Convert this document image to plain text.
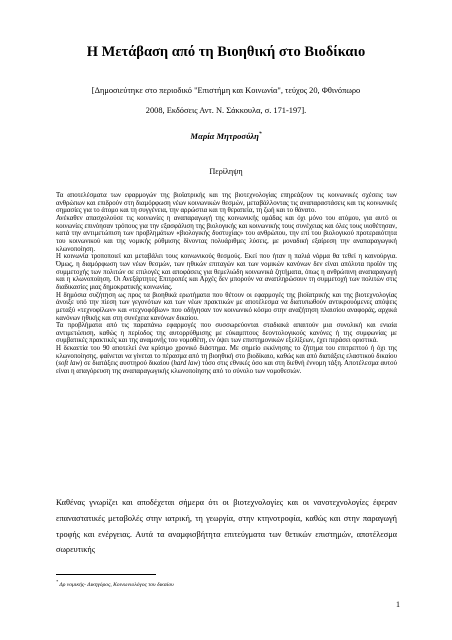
Η Μετάβαση από τη Βιοηθική στο Βιοδίκαιο

[Δημοσιεύτηκε στο περιοδικό "Επιστήμη και Κοινωνία", τεύχος 20, Φθινόπωρο

2008, Εκδόσεις Αντ. Ν. Σάκκουλα, σ. 171-197].

Μαρία Μητροσύλη*

Περίληψη

Τα αποτελέσματα των εφαρμογών της βιοϊατρικής και της βιοτεχνολογίας επηρεάζουν τις κοινωνικές σχέσεις των ανθρώπων και επιδρούν στη διαμόρφωση νέων κοινωνικών θεσμών, μεταβάλλοντας τις αναπαραστάσεις και τις κοινωνικές σημασίες για το άτομο και τη συγγένεια, την αρρώστια και τη θεραπεία, τη ζωή και το θάνατο.

Ανέκαθεν απασχολούσε τις κοινωνίες η αναπαραγωγή της κοινωνικής ομάδας και όχι μόνο του ατόμου, για αυτό οι κοινωνίες επινόησαν τρόπους για την εξασφάλιση της βιολογικής και κοινωνικής τους συνέχειας και όλες τους υιοθέτησαν, κατά την αντιμετώπιση των προβλημάτων «βιολογικής δυστυχίας» του ανθρώπου, την επί του βιολογικού προτεραιότητα του κοινωνικού και της νομικής ρύθμισης δίνοντας πολυάριθμες λύσεις, με μοναδική εξαίρεση την αναπαραγωγική κλωνοποίηση.

Η κοινωνία τροποποιεί και μεταβάλει τους κοινωνικούς θεσμούς. Εκεί που ήταν η παλιά νόρμα θα τεθεί η καινούργια. Όμως, η διαμόρφωση των νέων θεσμών, των ηθικών επιταγών και των νομικών κανόνων δεν είναι απόλυτα προϊόν της συμμετοχής των πολιτών σε επιλογές και αποφάσεις για θεμελιώδη κοινωνικά ζητήματα, όπως η ανθρώπινη αναπαραγωγή και η κλωνοποίηση. Οι Ανεξάρτητες Επιτροπές και Αρχές δεν μπορούν να αναπληρώσουν τη συμμετοχή των πολιτών στις διαδικασίες μιας δημοκρατικής κοινωνίας.

Η δημόσια συζήτηση ως προς τα βιοηθικά ερωτήματα που θέτουν οι εφαρμογές της βιοϊατρικής και της βιοτεχνολογίας άνοιξε υπό την πίεση των γεγονότων και των νέων πρακτικών με αποτέλεσμα να διατυπωθούν αντικρουόμενες απόψεις μεταξύ «τεχνοφίλων» και «τεχνοφόβων» που οδήγησαν τον κοινωνικό κόσμο στην αναζήτηση πλαισίου αναφοράς, αρχικά κανόνων ηθικής και στη συνέχεια κανόνων δικαίου.

Τα προβλήματα από τις παραπάνω εφαρμογές που συσσωρεύονται σταδιακά απαιτούν μια συνολική και ενιαία αντιμετώπιση, καθώς η περίοδος της αυτορρύθμισης με εύκαμπτους δεοντολογικούς κανόνες ή της συμφωνίας με συμβατικές πρακτικές και της αναμονής του νομοθέτη, εν όψει των επιστημονικών εξελίξεων, έχει περάσει οριστικά.

Η δεκαετία του 90 αποτελεί ένα κρίσιμο χρονικό διάστημα. Με σημείο εκκίνησης το ζήτημα του επιτρεπτού ή όχι της κλωνοποίησης, φαίνεται να γίνεται το πέρασμα από τη βιοηθική στο βιοδίκαιο, καθώς και από διατάξεις ελαστικού δικαίου (soft law) σε διατάξεις αυστηρού δικαίου (hard law) τόσο στις εθνικές όσο και στη διεθνή έννομη τάξη. Αποτέλεσμα αυτού είναι η απαγόρευση της αναπαραγωγικής κλωνοποίησης από το σύνολο των νομοθεσιών.

Καθένας γνωρίζει και αποδέχεται σήμερα ότι οι βιοτεχνολογίες και οι νανοτεχνολογίες έφεραν επαναστατικές μεταβολές στην ιατρική, τη γεωργία, στην κτηνοτροφία, καθώς και στην παραγωγή τροφής και ενέργειας. Αυτά τα αναμφισβήτητα επιτεύγματα των θετικών επιστημών, αποτέλεσμα σωρευτικής

* Δρ νομικής- Δικηγόρος, Κοινωνιολόγος του δικαίου

1
